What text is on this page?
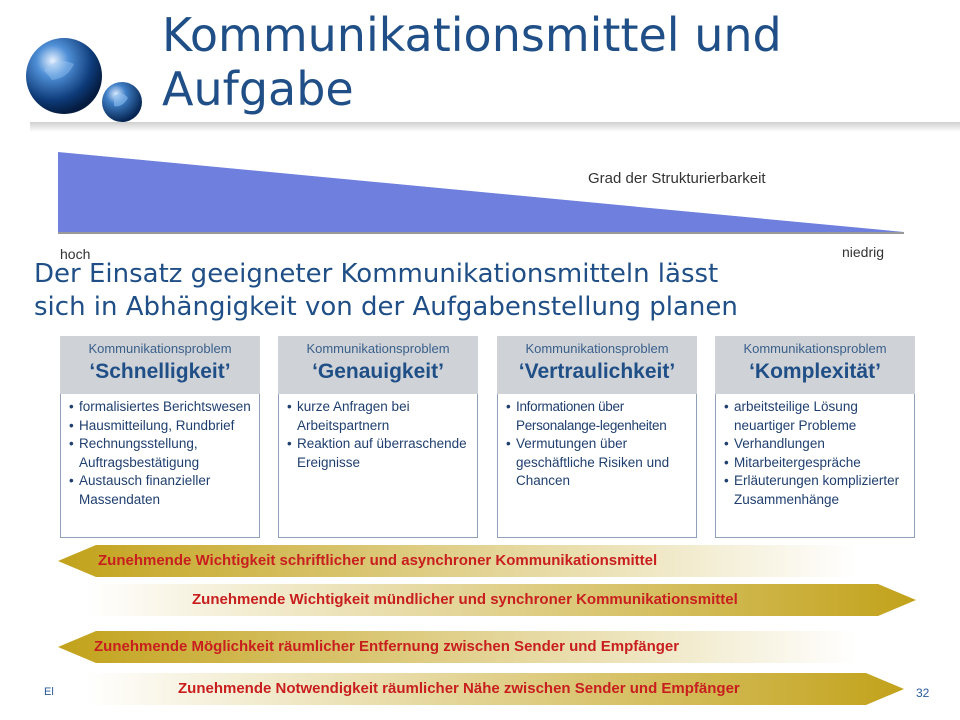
Kommunikationsmittel und
Aufgabe
Grad der Strukturierbarkeit
hoch	niedrig
Der Einsatz geeigneter Kommunikationsmitteln lässt
sich in Abhängigkeit von der Aufgabenstellung planen
Kommunikationsproblem
‘Schnelligkeit’
• formalisiertes Berichtswesen
• Hausmitteilung, Rundbrief
• Rechnungsstellung, Auftragsbestätigung
• Austausch finanzieller Massendaten
Kommunikationsproblem
‘Genauigkeit’
• kurze Anfragen bei Arbeitspartnern
• Reaktion auf überraschende Ereignisse
Kommunikationsproblem
‘Vertraulichkeit’
• Informationen über Personalange-legenheiten
• Vermutungen über geschäftliche Risiken und Chancen
Kommunikationsproblem
‘Komplexität’
• arbeitsteilige Lösung neuartiger Probleme
• Verhandlungen
• Mitarbeitergespräche
• Erläuterungen komplizierter Zusammenhänge
Zunehmende Wichtigkeit schriftlicher und asynchroner Kommunikationsmittel
Zunehmende Wichtigkeit mündlicher und synchroner Kommunikationsmittel
Zunehmende Möglichkeit räumlicher Entfernung zwischen Sender und Empfänger
Zunehmende Notwendigkeit räumlicher Nähe zwischen Sender und Empfänger
El	32
